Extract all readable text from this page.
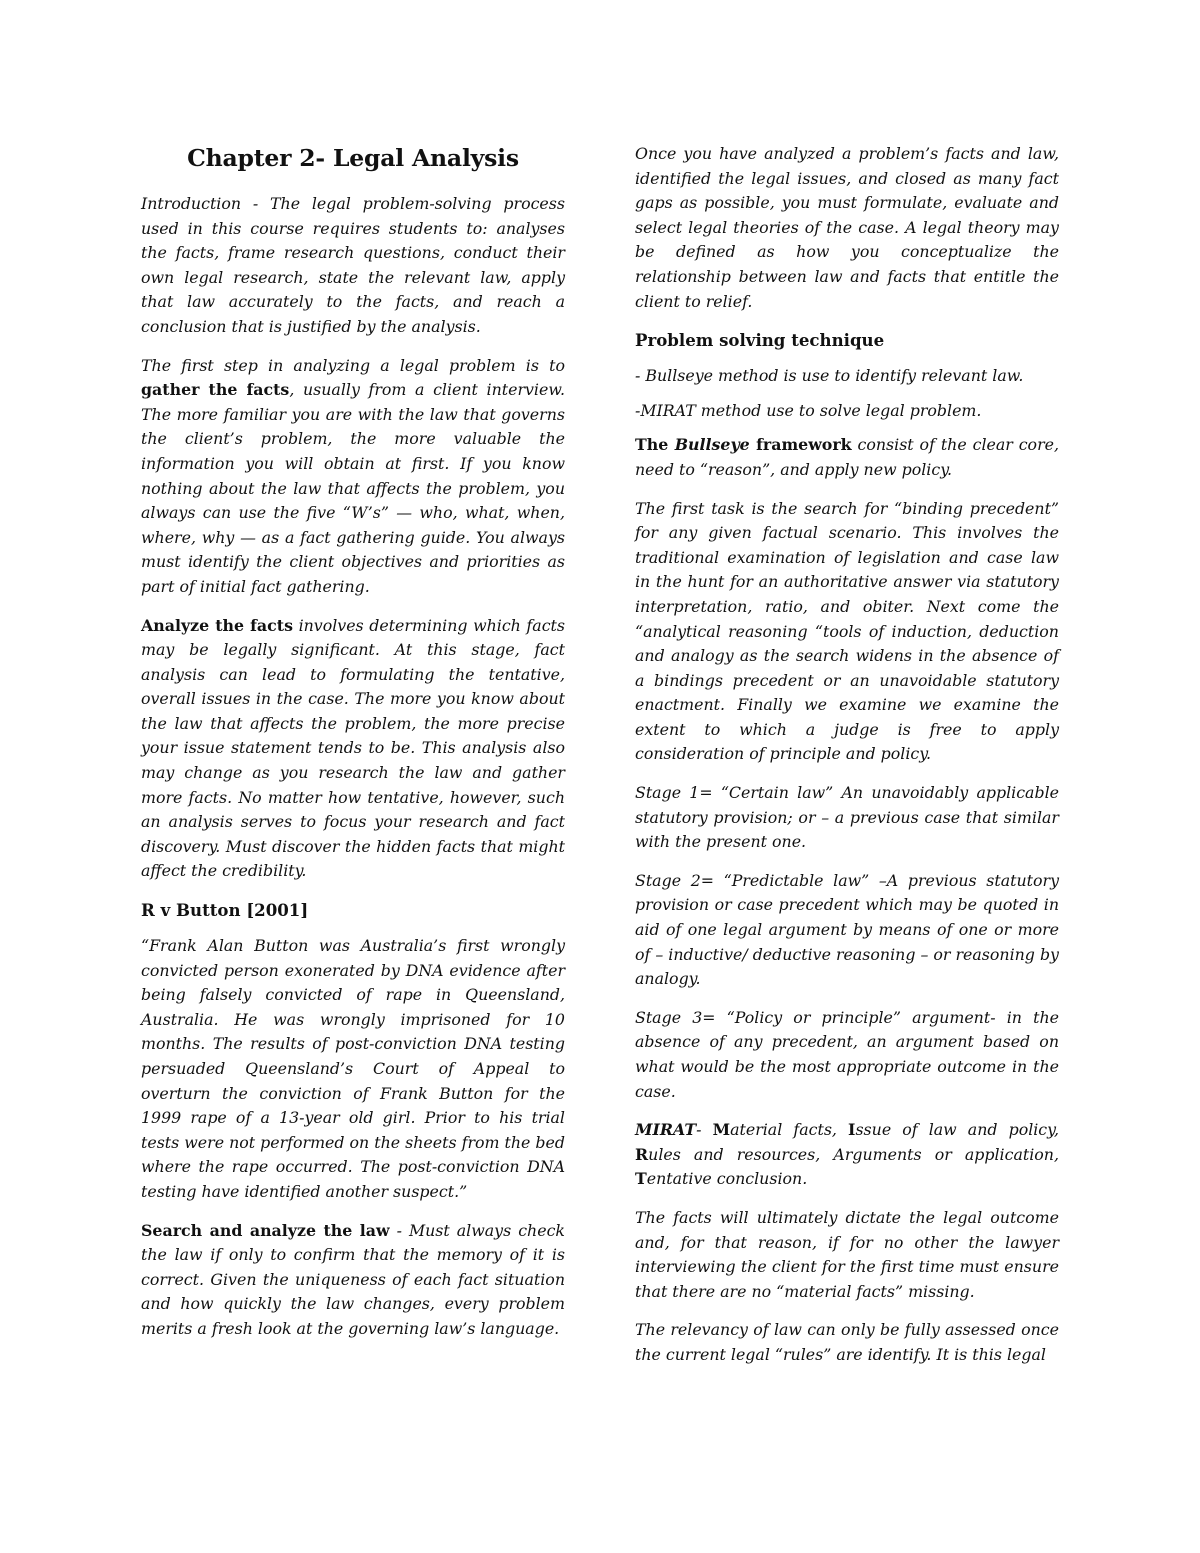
Chapter 2- Legal Analysis

Introduction - The legal problem-solving process used in this course requires students to: analyses the facts, frame research questions, conduct their own legal research, state the relevant law, apply that law accurately to the facts, and reach a conclusion that is justified by the analysis.

The first step in analyzing a legal problem is to gather the facts, usually from a client interview. The more familiar you are with the law that governs the client’s problem, the more valuable the information you will obtain at first. If you know nothing about the law that affects the problem, you always can use the five “W’s” — who, what, when, where, why — as a fact gathering guide. You always must identify the client objectives and priorities as part of initial fact gathering.

Analyze the facts involves determining which facts may be legally significant. At this stage, fact analysis can lead to formulating the tentative, overall issues in the case. The more you know about the law that affects the problem, the more precise your issue statement tends to be. This analysis also may change as you research the law and gather more facts. No matter how tentative, however, such an analysis serves to focus your research and fact discovery. Must discover the hidden facts that might affect the credibility.

R v Button [2001]

“Frank Alan Button was Australia’s first wrongly convicted person exonerated by DNA evidence after being falsely convicted of rape in Queensland, Australia. He was wrongly imprisoned for 10 months. The results of post-conviction DNA testing persuaded Queensland’s Court of Appeal to overturn the conviction of Frank Button for the 1999 rape of a 13-year old girl. Prior to his trial tests were not performed on the sheets from the bed where the rape occurred. The post-conviction DNA testing have identified another suspect.”

Search and analyze the law - Must always check the law if only to confirm that the memory of it is correct. Given the uniqueness of each fact situation and how quickly the law changes, every problem merits a fresh look at the governing law’s language.

Once you have analyzed a problem’s facts and law, identified the legal issues, and closed as many fact gaps as possible, you must formulate, evaluate and select legal theories of the case. A legal theory may be defined as how you conceptualize the relationship between law and facts that entitle the client to relief.

Problem solving technique

- Bullseye method is use to identify relevant law.

-MIRAT method use to solve legal problem.

The Bullseye framework consist of the clear core, need to “reason”, and apply new policy.

The first task is the search for “binding precedent” for any given factual scenario. This involves the traditional examination of legislation and case law in the hunt for an authoritative answer via statutory interpretation, ratio, and obiter. Next come the “analytical reasoning “tools of induction, deduction and analogy as the search widens in the absence of a bindings precedent or an unavoidable statutory enactment. Finally we examine we examine the extent to which a judge is free to apply consideration of principle and policy.

Stage 1= “Certain law” An unavoidably applicable statutory provision; or – a previous case that similar with the present one.

Stage 2= “Predictable law” –A previous statutory provision or case precedent which may be quoted in aid of one legal argument by means of one or more of – inductive/ deductive reasoning – or reasoning by analogy.

Stage 3= “Policy or principle” argument- in the absence of any precedent, an argument based on what would be the most appropriate outcome in the case.

MIRAT- Material facts, Issue of law and policy, Rules and resources, Arguments or application, Tentative conclusion.

The facts will ultimately dictate the legal outcome and, for that reason, if for no other the lawyer interviewing the client for the first time must ensure that there are no “material facts” missing.

The relevancy of law can only be fully assessed once the current legal “rules” are identify. It is this legal
